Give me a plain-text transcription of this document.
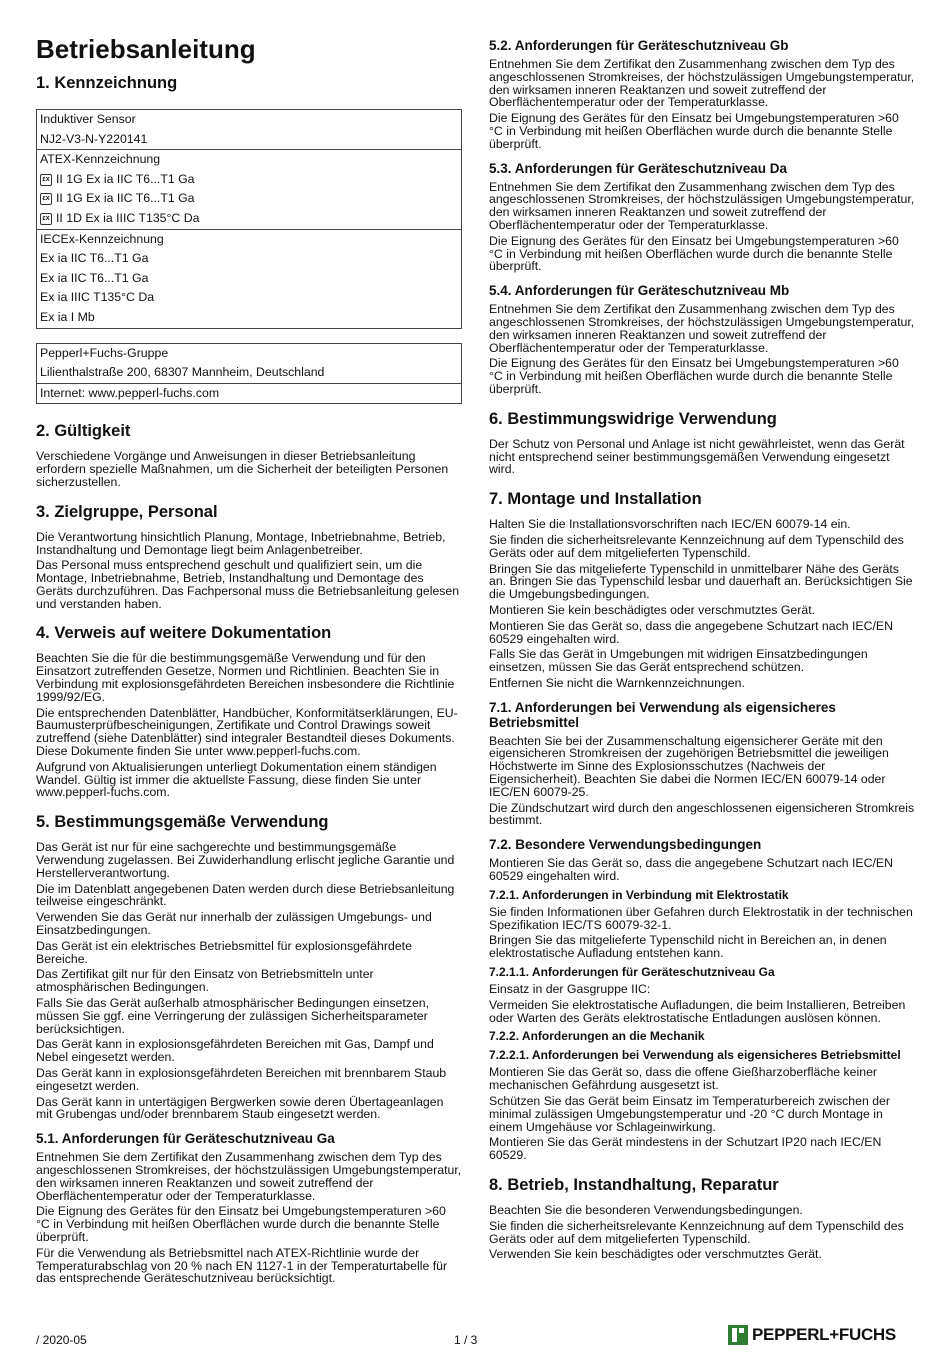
Betriebsanleitung
1. Kennzeichnung
Induktiver Sensor
NJ2-V3-N-Y220141
ATEX-Kennzeichnung
εx II 1G Ex ia IIC T6...T1 Ga
εx II 1G Ex ia IIC T6...T1 Ga
εx II 1D Ex ia IIIC T135°C Da
IECEx-Kennzeichnung
Ex ia IIC T6...T1 Ga
Ex ia IIC T6...T1 Ga
Ex ia IIIC T135°C Da
Ex ia I Mb
Pepperl+Fuchs-Gruppe
Lilienthalstraße 200, 68307 Mannheim, Deutschland
Internet: www.pepperl-fuchs.com
2. Gültigkeit

Verschiedene Vorgänge und Anweisungen in dieser Betriebsanleitung erfordern spezielle Maßnahmen, um die Sicherheit der beteiligten Personen sicherzustellen.

3. Zielgruppe, Personal

Die Verantwortung hinsichtlich Planung, Montage, Inbetriebnahme, Betrieb, Instandhaltung und Demontage liegt beim Anlagenbetreiber.

Das Personal muss entsprechend geschult und qualifiziert sein, um die Montage, Inbetriebnahme, Betrieb, Instandhaltung und Demontage des Geräts durchzuführen. Das Fachpersonal muss die Betriebsanleitung gelesen und verstanden haben.

4. Verweis auf weitere Dokumentation

Beachten Sie die für die bestimmungsgemäße Verwendung und für den Einsatzort zutreffenden Gesetze, Normen und Richtlinien. Beachten Sie in Verbindung mit explosionsgefährdeten Bereichen insbesondere die Richtlinie 1999/92/EG.

Die entsprechenden Datenblätter, Handbücher, Konformitätserklärungen, EU-Baumusterprüfbescheinigungen, Zertifikate und Control Drawings soweit zutreffend (siehe Datenblätter) sind integraler Bestandteil dieses Dokuments. Diese Dokumente finden Sie unter www.pepperl-fuchs.com.

Aufgrund von Aktualisierungen unterliegt Dokumentation einem ständigen Wandel. Gültig ist immer die aktuellste Fassung, diese finden Sie unter www.pepperl-fuchs.com.

5. Bestimmungsgemäße Verwendung

Das Gerät ist nur für eine sachgerechte und bestimmungsgemäße Verwendung zugelassen. Bei Zuwiderhandlung erlischt jegliche Garantie und Herstellerverantwortung.

Die im Datenblatt angegebenen Daten werden durch diese Betriebsanleitung teilweise eingeschränkt.

Verwenden Sie das Gerät nur innerhalb der zulässigen Umgebungs- und Einsatzbedingungen.

Das Gerät ist ein elektrisches Betriebsmittel für explosionsgefährdete Bereiche.

Das Zertifikat gilt nur für den Einsatz von Betriebsmitteln unter atmosphärischen Bedingungen.

Falls Sie das Gerät außerhalb atmosphärischer Bedingungen einsetzen, müssen Sie ggf. eine Verringerung der zulässigen Sicherheitsparameter berücksichtigen.

Das Gerät kann in explosionsgefährdeten Bereichen mit Gas, Dampf und Nebel eingesetzt werden.

Das Gerät kann in explosionsgefährdeten Bereichen mit brennbarem Staub eingesetzt werden.

Das Gerät kann in untertägigen Bergwerken sowie deren Übertageanlagen mit Grubengas und/oder brennbarem Staub eingesetzt werden.

5.1. Anforderungen für Geräteschutzniveau Ga

Entnehmen Sie dem Zertifikat den Zusammenhang zwischen dem Typ des angeschlossenen Stromkreises, der höchstzulässigen Umgebungstemperatur, den wirksamen inneren Reaktanzen und soweit zutreffend der Oberflächentemperatur oder der Temperaturklasse.

Die Eignung des Gerätes für den Einsatz bei Umgebungstemperaturen >60 °C in Verbindung mit heißen Oberflächen wurde durch die benannte Stelle überprüft.

Für die Verwendung als Betriebsmittel nach ATEX-Richtlinie wurde der Temperaturabschlag von 20 % nach EN 1127-1 in der Temperaturtabelle für das entsprechende Geräteschutzniveau berücksichtigt.

5.2. Anforderungen für Geräteschutzniveau Gb

Entnehmen Sie dem Zertifikat den Zusammenhang zwischen dem Typ des angeschlossenen Stromkreises, der höchstzulässigen Umgebungstemperatur, den wirksamen inneren Reaktanzen und soweit zutreffend der Oberflächentemperatur oder der Temperaturklasse.

Die Eignung des Gerätes für den Einsatz bei Umgebungstemperaturen >60 °C in Verbindung mit heißen Oberflächen wurde durch die benannte Stelle überprüft.

5.3. Anforderungen für Geräteschutzniveau Da

Entnehmen Sie dem Zertifikat den Zusammenhang zwischen dem Typ des angeschlossenen Stromkreises, der höchstzulässigen Umgebungstemperatur, den wirksamen inneren Reaktanzen und soweit zutreffend der Oberflächentemperatur oder der Temperaturklasse.

Die Eignung des Gerätes für den Einsatz bei Umgebungstemperaturen >60 °C in Verbindung mit heißen Oberflächen wurde durch die benannte Stelle überprüft.

5.4. Anforderungen für Geräteschutzniveau Mb

Entnehmen Sie dem Zertifikat den Zusammenhang zwischen dem Typ des angeschlossenen Stromkreises, der höchstzulässigen Umgebungstemperatur, den wirksamen inneren Reaktanzen und soweit zutreffend der Oberflächentemperatur oder der Temperaturklasse.

Die Eignung des Gerätes für den Einsatz bei Umgebungstemperaturen >60 °C in Verbindung mit heißen Oberflächen wurde durch die benannte Stelle überprüft.

6. Bestimmungswidrige Verwendung

Der Schutz von Personal und Anlage ist nicht gewährleistet, wenn das Gerät nicht entsprechend seiner bestimmungsgemäßen Verwendung eingesetzt wird.

7. Montage und Installation

Halten Sie die Installationsvorschriften nach IEC/EN 60079-14 ein.

Sie finden die sicherheitsrelevante Kennzeichnung auf dem Typenschild des Geräts oder auf dem mitgelieferten Typenschild.

Bringen Sie das mitgelieferte Typenschild in unmittelbarer Nähe des Geräts an. Bringen Sie das Typenschild lesbar und dauerhaft an. Berücksichtigen Sie die Umgebungsbedingungen.

Montieren Sie kein beschädigtes oder verschmutztes Gerät.

Montieren Sie das Gerät so, dass die angegebene Schutzart nach IEC/EN 60529 eingehalten wird.

Falls Sie das Gerät in Umgebungen mit widrigen Einsatzbedingungen einsetzen, müssen Sie das Gerät entsprechend schützen.

Entfernen Sie nicht die Warnkennzeichnungen.

7.1. Anforderungen bei Verwendung als eigensicheres Betriebsmittel

Beachten Sie bei der Zusammenschaltung eigensicherer Geräte mit den eigensicheren Stromkreisen der zugehörigen Betriebsmittel die jeweiligen Höchstwerte im Sinne des Explosionsschutzes (Nachweis der Eigensicherheit). Beachten Sie dabei die Normen IEC/EN 60079-14 oder IEC/EN 60079-25.

Die Zündschutzart wird durch den angeschlossenen eigensicheren Stromkreis bestimmt.

7.2. Besondere Verwendungsbedingungen

Montieren Sie das Gerät so, dass die angegebene Schutzart nach IEC/EN 60529 eingehalten wird.

7.2.1. Anforderungen in Verbindung mit Elektrostatik

Sie finden Informationen über Gefahren durch Elektrostatik in der technischen Spezifikation IEC/TS 60079-32-1.

Bringen Sie das mitgelieferte Typenschild nicht in Bereichen an, in denen elektrostatische Aufladung entstehen kann.

7.2.1.1. Anforderungen für Geräteschutzniveau Ga

Einsatz in der Gasgruppe IIC:

Vermeiden Sie elektrostatische Aufladungen, die beim Installieren, Betreiben oder Warten des Geräts elektrostatische Entladungen auslösen können.

7.2.2. Anforderungen an die Mechanik
7.2.2.1. Anforderungen bei Verwendung als eigensicheres Betriebsmittel

Montieren Sie das Gerät so, dass die offene Gießharzoberfläche keiner mechanischen Gefährdung ausgesetzt ist.

Schützen Sie das Gerät beim Einsatz im Temperaturbereich zwischen der minimal zulässigen Umgebungstemperatur und -20 °C durch Montage in einem Umgehäuse vor Schlageinwirkung.

Montieren Sie das Gerät mindestens in der Schutzart IP20 nach IEC/EN 60529.

8. Betrieb, Instandhaltung, Reparatur

Beachten Sie die besonderen Verwendungsbedingungen.

Sie finden die sicherheitsrelevante Kennzeichnung auf dem Typenschild des Geräts oder auf dem mitgelieferten Typenschild.

Verwenden Sie kein beschädigtes oder verschmutztes Gerät.

/ 2020-05	1 / 3	PEPPERL+FUCHS
